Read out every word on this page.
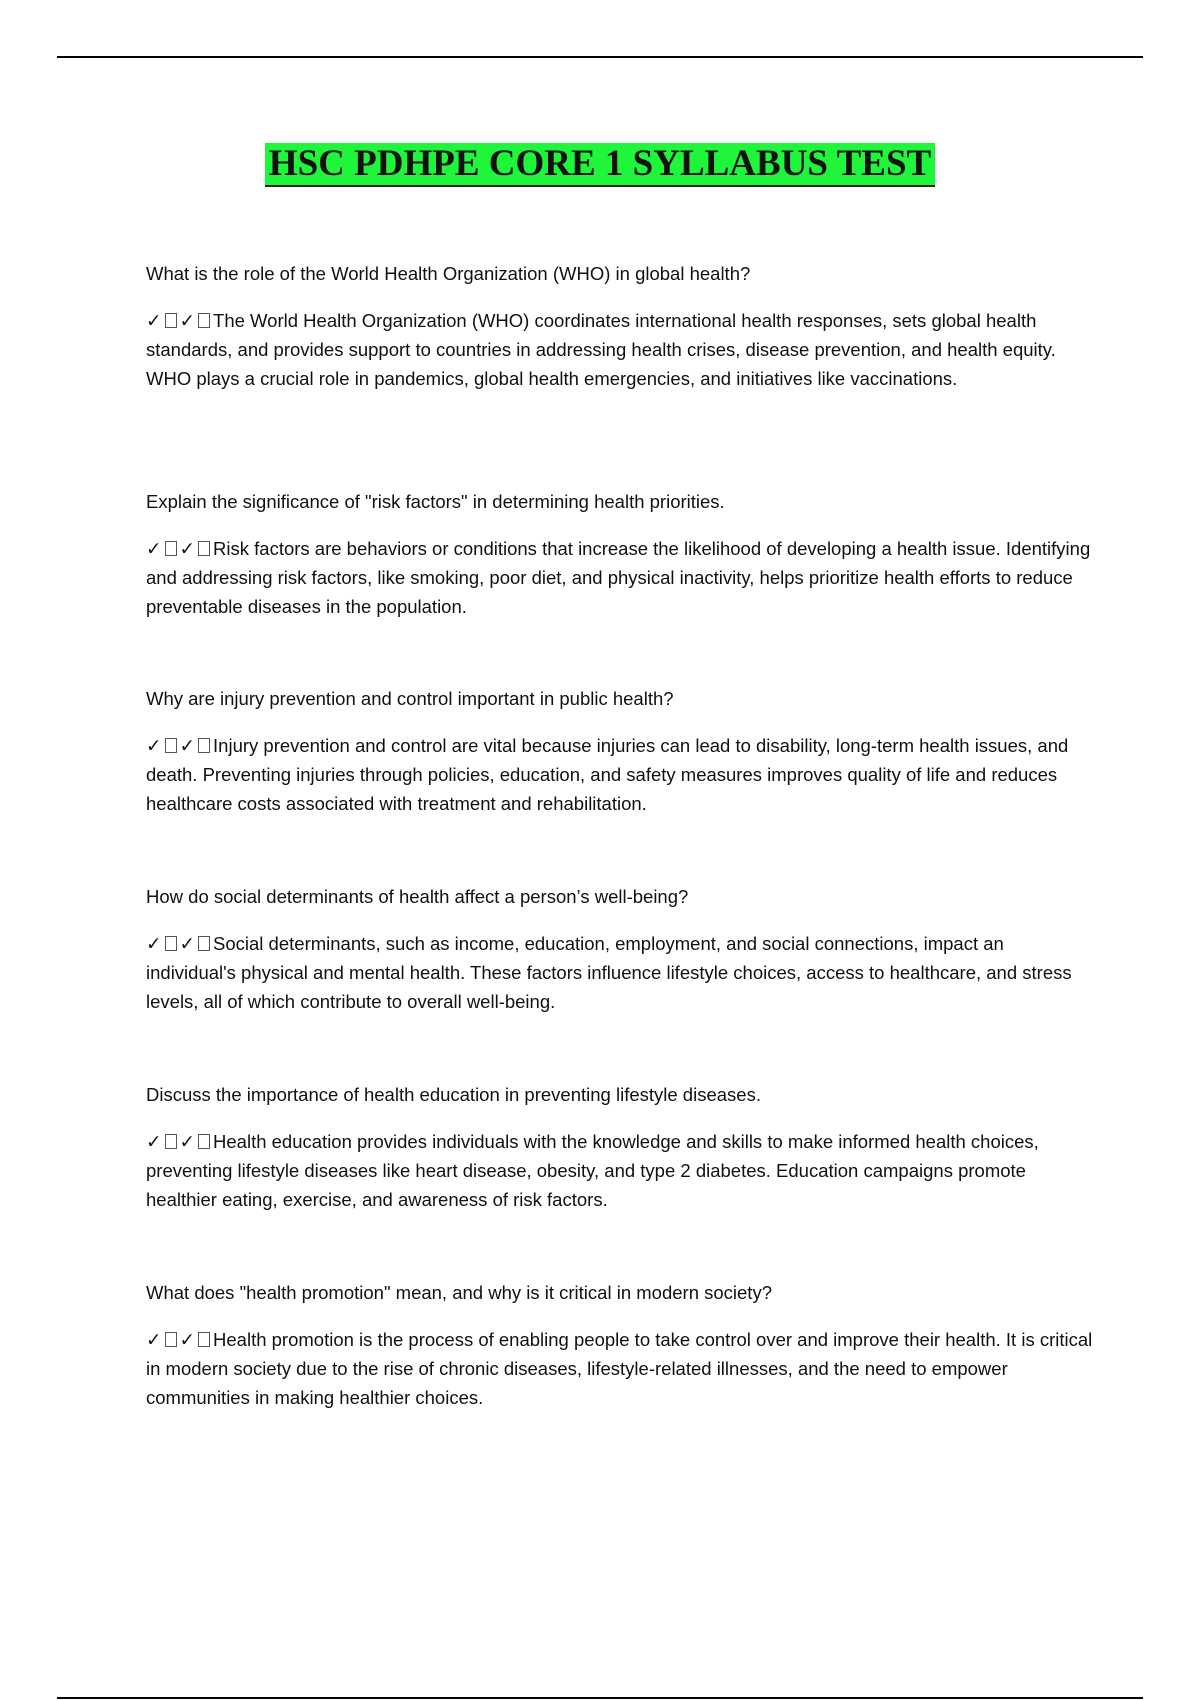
HSC PDHPE CORE 1 SYLLABUS TEST

What is the role of the World Health Organization (WHO) in global health?

✓ ✓ The World Health Organization (WHO) coordinates international health responses, sets global health standards, and provides support to countries in addressing health crises, disease prevention, and health equity. WHO plays a crucial role in pandemics, global health emergencies, and initiatives like vaccinations.

Explain the significance of "risk factors" in determining health priorities.

✓ ✓ Risk factors are behaviors or conditions that increase the likelihood of developing a health issue. Identifying and addressing risk factors, like smoking, poor diet, and physical inactivity, helps prioritize health efforts to reduce preventable diseases in the population.

Why are injury prevention and control important in public health?

✓ ✓ Injury prevention and control are vital because injuries can lead to disability, long-term health issues, and death. Preventing injuries through policies, education, and safety measures improves quality of life and reduces healthcare costs associated with treatment and rehabilitation.

How do social determinants of health affect a person’s well-being?

✓ ✓ Social determinants, such as income, education, employment, and social connections, impact an individual's physical and mental health. These factors influence lifestyle choices, access to healthcare, and stress levels, all of which contribute to overall well-being.

Discuss the importance of health education in preventing lifestyle diseases.

✓ ✓ Health education provides individuals with the knowledge and skills to make informed health choices, preventing lifestyle diseases like heart disease, obesity, and type 2 diabetes. Education campaigns promote healthier eating, exercise, and awareness of risk factors.

What does "health promotion" mean, and why is it critical in modern society?

✓ ✓ Health promotion is the process of enabling people to take control over and improve their health. It is critical in modern society due to the rise of chronic diseases, lifestyle-related illnesses, and the need to empower communities in making healthier choices.
